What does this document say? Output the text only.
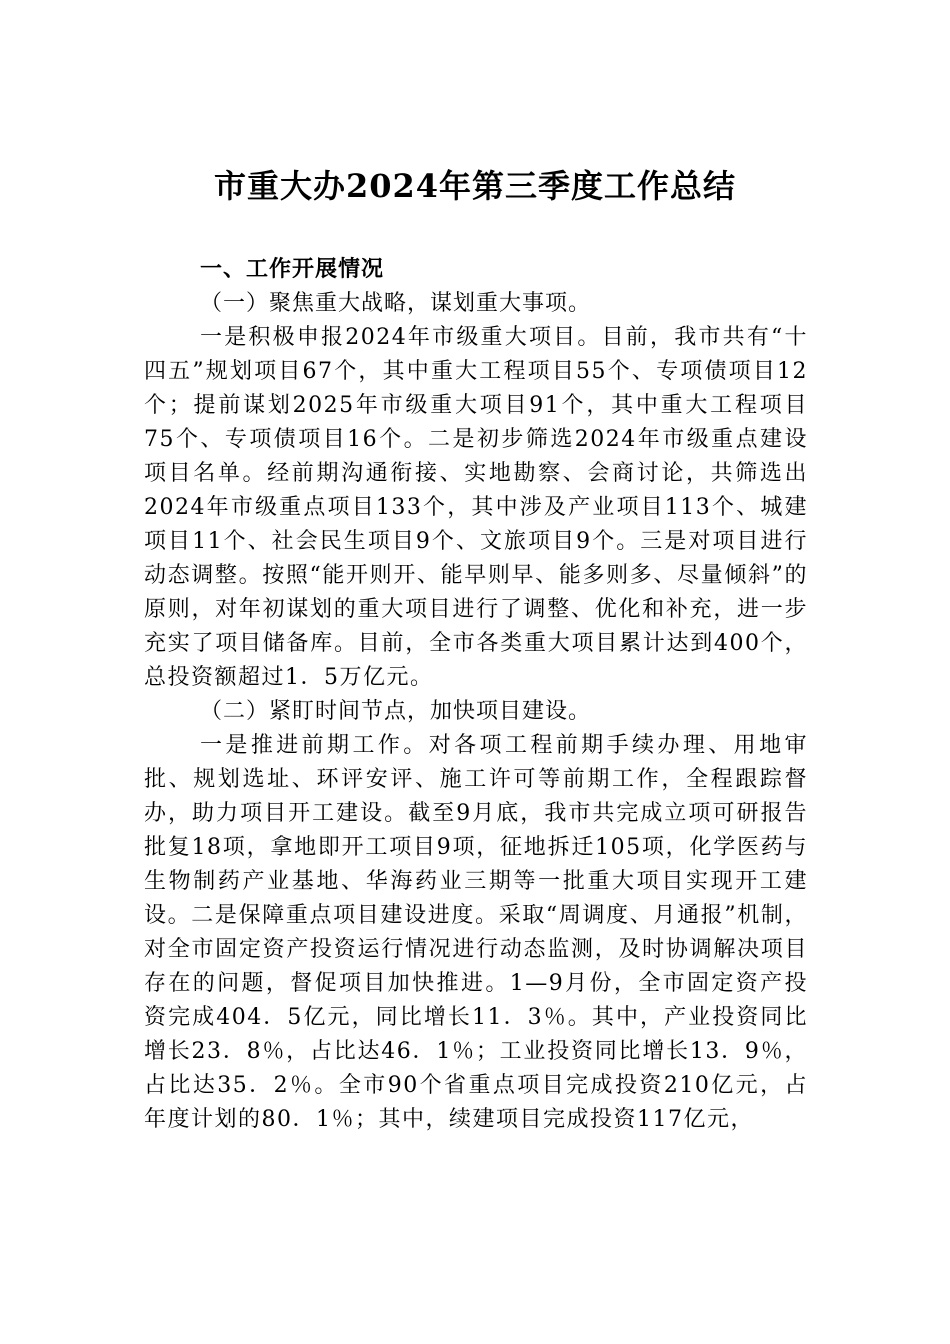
市重大办2024年第三季度工作总结

一、工作开展情况

（一）聚焦重大战略，谋划重大事项。

一是积极申报2024年市级重大项目。目前，我市共有“十四五”规划项目67个，其中重大工程项目55个、专项债项目12个；提前谋划2025年市级重大项目91个，其中重大工程项目75个、专项债项目16个。二是初步筛选2024年市级重点建设项目名单。经前期沟通衔接、实地勘察、会商讨论，共筛选出2024年市级重点项目133个，其中涉及产业项目113个、城建项目11个、社会民生项目9个、文旅项目9个。三是对项目进行动态调整。按照“能开则开、能早则早、能多则多、尽量倾斜”的原则，对年初谋划的重大项目进行了调整、优化和补充，进一步充实了项目储备库。目前，全市各类重大项目累计达到400个，总投资额超过1．5万亿元。

（二）紧盯时间节点，加快项目建设。

一是推进前期工作。对各项工程前期手续办理、用地审批、规划选址、环评安评、施工许可等前期工作，全程跟踪督办，助力项目开工建设。截至9月底，我市共完成立项可研报告批复18项，拿地即开工项目9项，征地拆迁105项，化学医药与生物制药产业基地、华海药业三期等一批重大项目实现开工建设。二是保障重点项目建设进度。采取“周调度、月通报”机制，对全市固定资产投资运行情况进行动态监测，及时协调解决项目存在的问题，督促项目加快推进。1—9月份，全市固定资产投资完成404．5亿元，同比增长11．3％。其中，产业投资同比增长23．8％，占比达46．1％；工业投资同比增长13．9％，占比达35．2％。全市90个省重点项目完成投资210亿元，占年度计划的80．1％；其中，续建项目完成投资117亿元，
